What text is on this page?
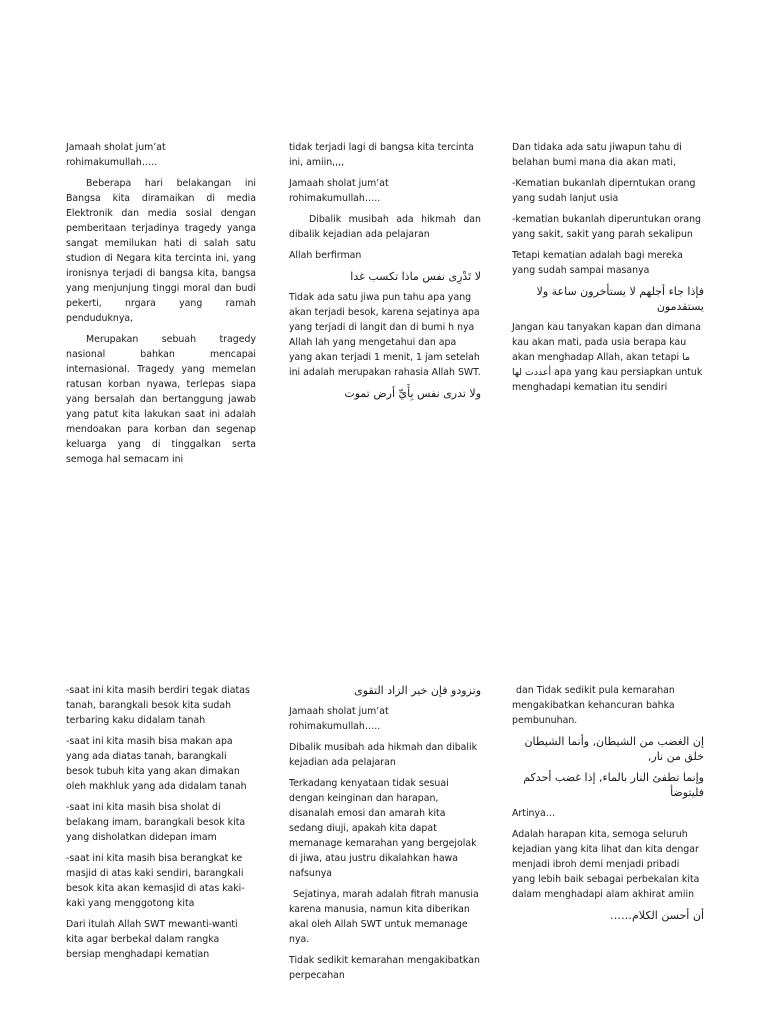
Jamaah sholat jum’at rohimakumullah…..

Beberapa hari belakangan ini Bangsa kita diramaikan di media Elektronik dan media sosial dengan pemberitaan terjadinya tragedy yanga sangat memilukan hati di salah satu studion di Negara kita tercinta ini, yang ironisnya terjadi di bangsa kita, bangsa yang menjunjung tinggi moral dan budi pekerti, nrgara yang ramah penduduknya,

Merupakan sebuah tragedy nasional bahkan mencapai internasional. Tragedy yang memelan ratusan korban nyawa, terlepas siapa yang bersalah dan bertanggung jawab yang patut kita lakukan saat ini adalah mendoakan para korban dan segenap keluarga yang di tinggalkan serta semoga hal semacam ini

tidak terjadi lagi di bangsa kita tercinta ini, amiin,,,,

Jamaah sholat jum’at rohimakumullah…..

Dibalik musibah ada hikmah dan dibalik kejadian ada pelajaran

Allah berfirman

لا تَدْرِى نفس ماذا تكسب غدا

Tidak ada satu jiwa pun tahu apa yang akan terjadi besok, karena sejatinya apa yang terjadi di langit dan di bumi h nya Allah lah yang mengetahui dan apa yang akan terjadi 1 menit, 1 jam setelah ini adalah merupakan rahasia Allah SWT.

ولا تدرى نفس بِأَيِّ أرض تموت

Dan tidaka ada satu jiwapun tahu di belahan bumi mana dia akan mati,

-Kematian bukanlah diperntukan orang yang sudah lanjut usia

-kematian bukanlah diperuntukan orang yang sakit, sakit yang parah sekalipun

Tetapi kematian adalah bagi mereka yang sudah sampai masanya

فإذا جاء أجلهم لا يستأخرون ساعة ولا يستقدمون

Jangan kau tanyakan kapan dan dimana kau akan mati, pada usia berapa kau akan menghadap Allah, akan tetapi ما أعددت لها apa yang kau persiapkan untuk menghadapi kematian itu sendiri

-saat ini kita masih berdiri tegak diatas tanah, barangkali besok kita sudah terbaring kaku didalam tanah

-saat ini kita masih bisa makan apa yang ada diatas tanah, barangkali besok tubuh kita yang akan dimakan oleh makhluk yang ada didalam tanah

-saat ini kita masih bisa sholat di belakang imam, barangkali besok kita yang disholatkan didepan imam

-saat ini kita masih bisa berangkat ke masjid di atas kaki sendiri, barangkali besok kita akan kemasjid di atas kaki-kaki yang menggotong kita

Dari itulah Allah SWT mewanti-wanti kita agar berbekal dalam rangka bersiap menghadapi kematian

وتزودو فإن خير الزاد التقوى

Jamaah sholat jum’at rohimakumullah…..

Dibalik musibah ada hikmah dan dibalik kejadian ada pelajaran

Terkadang kenyataan tidak sesuai dengan keinginan dan harapan, disanalah emosi dan amarah kita sedang diuji, apakah kita dapat memanage kemarahan yang bergejolak di jiwa, atau justru dikalahkan hawa nafsunya

Sejatinya, marah adalah fitrah manusia karena manusia, namun kita diberikan akal oleh Allah SWT untuk memanage nya.

Tidak sedikit kemarahan mengakibatkan perpecahan

dan Tidak sedikit pula kemarahan mengakibatkan kehancuran bahka pembunuhan.

إن الغضب من الشيطان, وأنما الشيطان خلق من نار,

وإنما تطفئ النار بالماء, إذا غضب أحدكم فليتوضأ

Artinya…

Adalah harapan kita, semoga seluruh kejadian yang kita lihat dan kita dengar menjadi ibroh demi menjadi pribadi yang lebih baik sebagai perbekalan kita dalam menghadapi alam akhirat amiin

أن أحسن الكلام……
